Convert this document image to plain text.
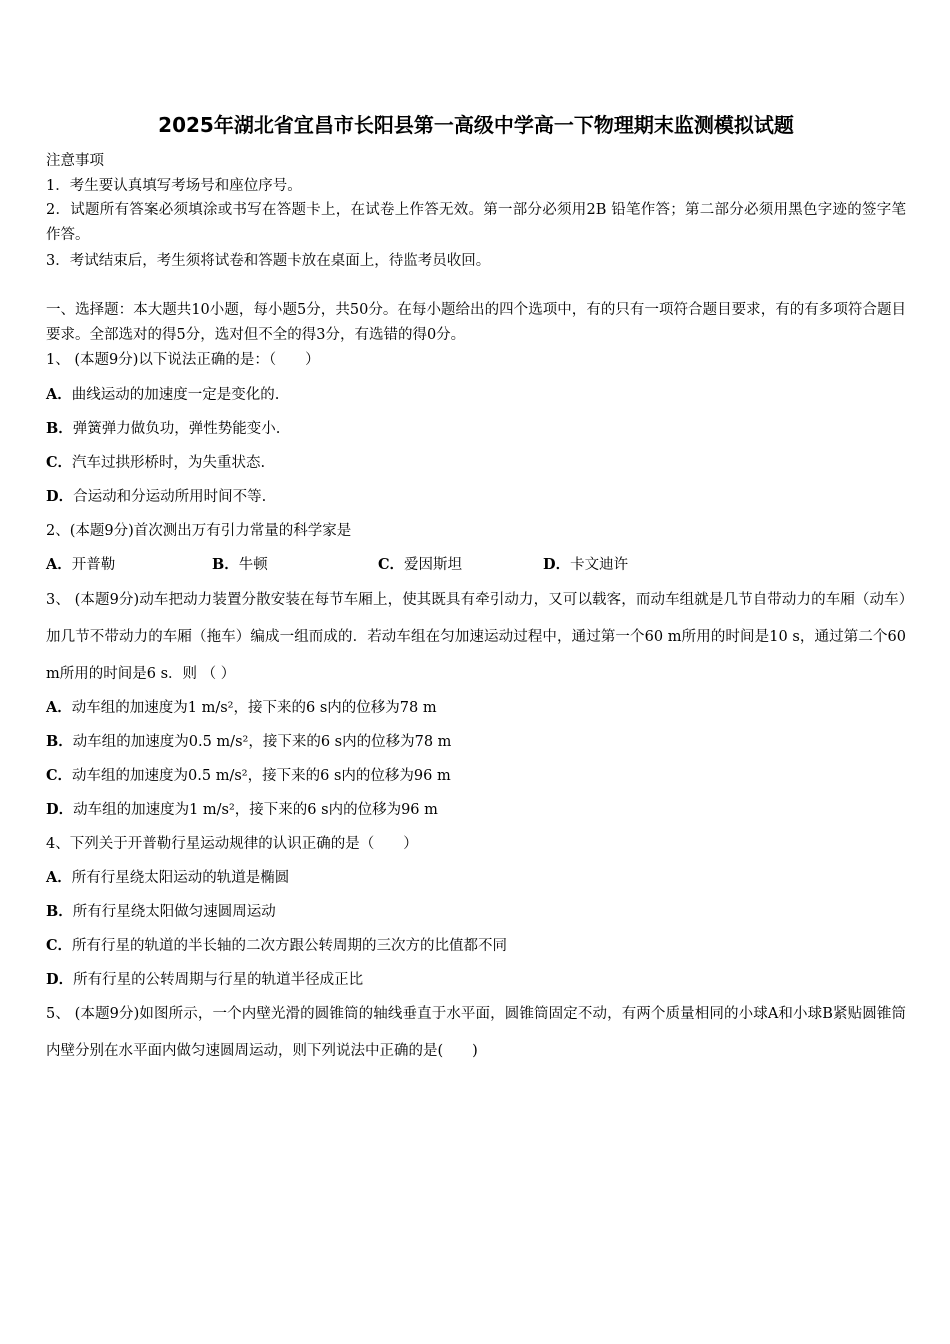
2025年湖北省宜昌市长阳县第一高级中学高一下物理期末监测模拟试题
注意事项
1．考生要认真填写考场号和座位序号。
2．试题所有答案必须填涂或书写在答题卡上，在试卷上作答无效。第一部分必须用2B 铅笔作答；第二部分必须用黑色字迹的签字笔作答。
3．考试结束后，考生须将试卷和答题卡放在桌面上，待监考员收回。
一、选择题：本大题共10小题，每小题5分，共50分。在每小题给出的四个选项中，有的只有一项符合题目要求，有的有多项符合题目要求。全部选对的得5分，选对但不全的得3分，有选错的得0分。
1、 (本题9分)以下说法正确的是：（　　）
A．曲线运动的加速度一定是变化的.
B．弹簧弹力做负功，弹性势能变小.
C．汽车过拱形桥时，为失重状态.
D．合运动和分运动所用时间不等.
2、(本题9分)首次测出万有引力常量的科学家是
A．开普勒	B．牛顿	C．爱因斯坦	D．卡文迪许
3、 (本题9分)动车把动力装置分散安装在每节车厢上，使其既具有牵引动力，又可以载客，而动车组就是几节自带动力的车厢（动车）加几节不带动力的车厢（拖车）编成一组而成的．若动车组在匀加速运动过程中，通过第一个60 m所用的时间是10 s，通过第二个60 m所用的时间是6 s．则 （ ）
A．动车组的加速度为1 m/s²，接下来的6 s内的位移为78 m
B．动车组的加速度为0.5 m/s²，接下来的6 s内的位移为78 m
C．动车组的加速度为0.5 m/s²，接下来的6 s内的位移为96 m
D．动车组的加速度为1 m/s²，接下来的6 s内的位移为96 m
4、下列关于开普勒行星运动规律的认识正确的是（　　）
A．所有行星绕太阳运动的轨道是椭圆
B．所有行星绕太阳做匀速圆周运动
C．所有行星的轨道的半长轴的二次方跟公转周期的三次方的比值都不同
D．所有行星的公转周期与行星的轨道半径成正比
5、 (本题9分)如图所示，一个内壁光滑的圆锥筒的轴线垂直于水平面，圆锥筒固定不动，有两个质量相同的小球A和小球B紧贴圆锥筒内壁分别在水平面内做匀速圆周运动，则下列说法中正确的是(　　)
